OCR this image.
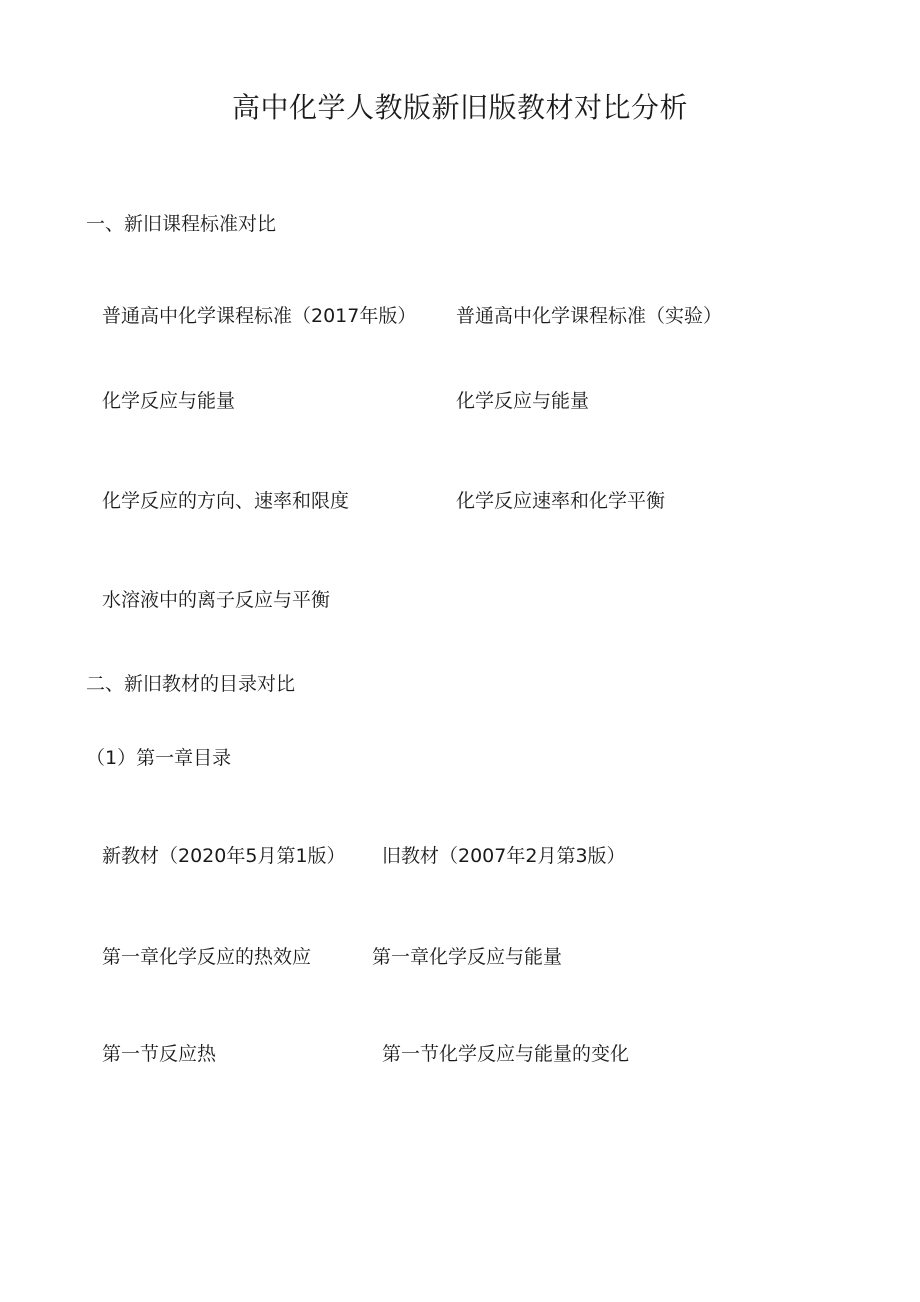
高中化学人教版新旧版教材对比分析
一、新旧课程标准对比
普通高中化学课程标准（2017年版） 普通高中化学课程标准（实验）
化学反应与能量	化学反应与能量
化学反应的方向、速率和限度	化学反应速率和化学平衡
水溶液中的离子反应与平衡
二、新旧教材的目录对比
（1）第一章目录
新教材（2020年5月第1版） 旧教材（2007年2月第3版）
第一章化学反应的热效应	第一章化学反应与能量
第一节反应热	第一节化学反应与能量的变化
